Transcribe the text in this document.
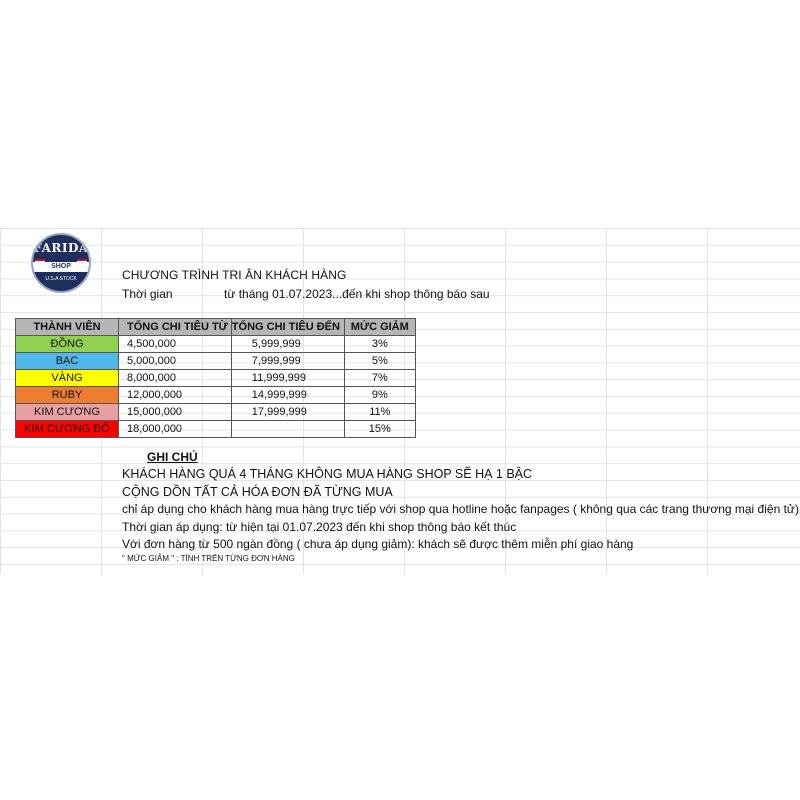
FARIDA
SHOP
U.S.A STOCK	CHƯƠNG TRÌNH TRI ÂN KHÁCH HÀNG
Thời gian	từ tháng 01.07.2023...đến khi shop thông báo sau
THÀNH VIÊN	TỔNG CHI TIÊU TỪ	TỔNG CHI TIÊU ĐẾN	MỨC GIẢM
ĐỒNG	4,500,000	5,999,999	3%
BẠC	5,000,000	7,999,999	5%
VÀNG	8,000,000	11,999,999	7%
RUBY	12,000,000	14,999,999	9%
KIM CƯƠNG	15,000,000	17,999,999	11%
KIM CƯƠNG ĐỎ	18,000,000		15%
GHI CHÚ
KHÁCH HÀNG QUÁ 4 THÁNG KHÔNG MUA HÀNG SHOP SẼ HẠ 1 BẬC
CỘNG DỒN TẤT CẢ HÓA ĐƠN ĐÃ TỪNG MUA
chỉ áp dụng cho khách hàng mua hàng trực tiếp với shop qua hotline hoặc fanpages ( không qua các trang thương mại điện tử)
Thời gian áp dụng: từ hiện tại 01.07.2023 đến khi shop thông báo kết thúc
Với đơn hàng từ 500 ngàn đồng ( chưa áp dụng giảm): khách sẽ được thêm miễn phí giao hàng
" MỨC GIẢM " : TÍNH TRÊN TỪNG ĐƠN HÀNG
